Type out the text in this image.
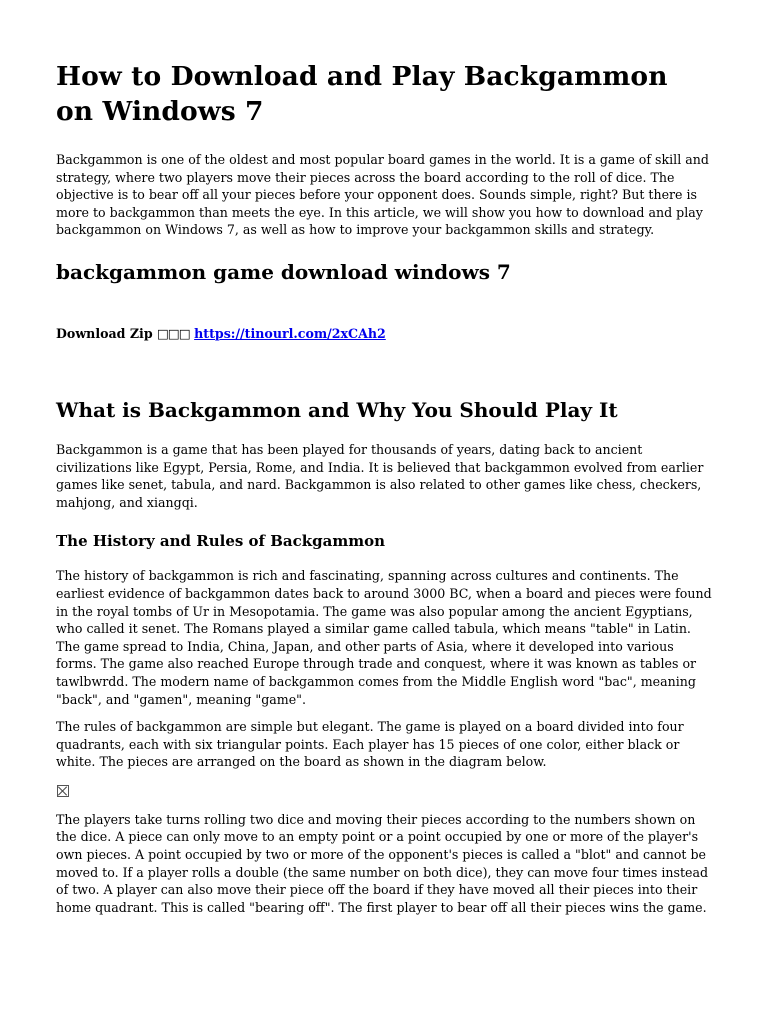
How to Download and Play Backgammon on Windows 7

Backgammon is one of the oldest and most popular board games in the world. It is a game of skill and strategy, where two players move their pieces across the board according to the roll of dice. The objective is to bear off all your pieces before your opponent does. Sounds simple, right? But there is more to backgammon than meets the eye. In this article, we will show you how to download and play backgammon on Windows 7, as well as how to improve your backgammon skills and strategy.

backgammon game download windows 7
Download Zip □□□ https://tinourl.com/2xCAh2
What is Backgammon and Why You Should Play It

Backgammon is a game that has been played for thousands of years, dating back to ancient civilizations like Egypt, Persia, Rome, and India. It is believed that backgammon evolved from earlier games like senet, tabula, and nard. Backgammon is also related to other games like chess, checkers, mahjong, and xiangqi.

The History and Rules of Backgammon

The history of backgammon is rich and fascinating, spanning across cultures and continents. The earliest evidence of backgammon dates back to around 3000 BC, when a board and pieces were found in the royal tombs of Ur in Mesopotamia. The game was also popular among the ancient Egyptians, who called it senet. The Romans played a similar game called tabula, which means "table" in Latin. The game spread to India, China, Japan, and other parts of Asia, where it developed into various forms. The game also reached Europe through trade and conquest, where it was known as tables or tawlbwrdd. The modern name of backgammon comes from the Middle English word "bac", meaning "back", and "gamen", meaning "game".

The rules of backgammon are simple but elegant. The game is played on a board divided into four quadrants, each with six triangular points. Each player has 15 pieces of one color, either black or white. The pieces are arranged on the board as shown in the diagram below.

The players take turns rolling two dice and moving their pieces according to the numbers shown on the dice. A piece can only move to an empty point or a point occupied by one or more of the player's own pieces. A point occupied by two or more of the opponent's pieces is called a "blot" and cannot be moved to. If a player rolls a double (the same number on both dice), they can move four times instead of two. A player can also move their piece off the board if they have moved all their pieces into their home quadrant. This is called "bearing off". The first player to bear off all their pieces wins the game.
